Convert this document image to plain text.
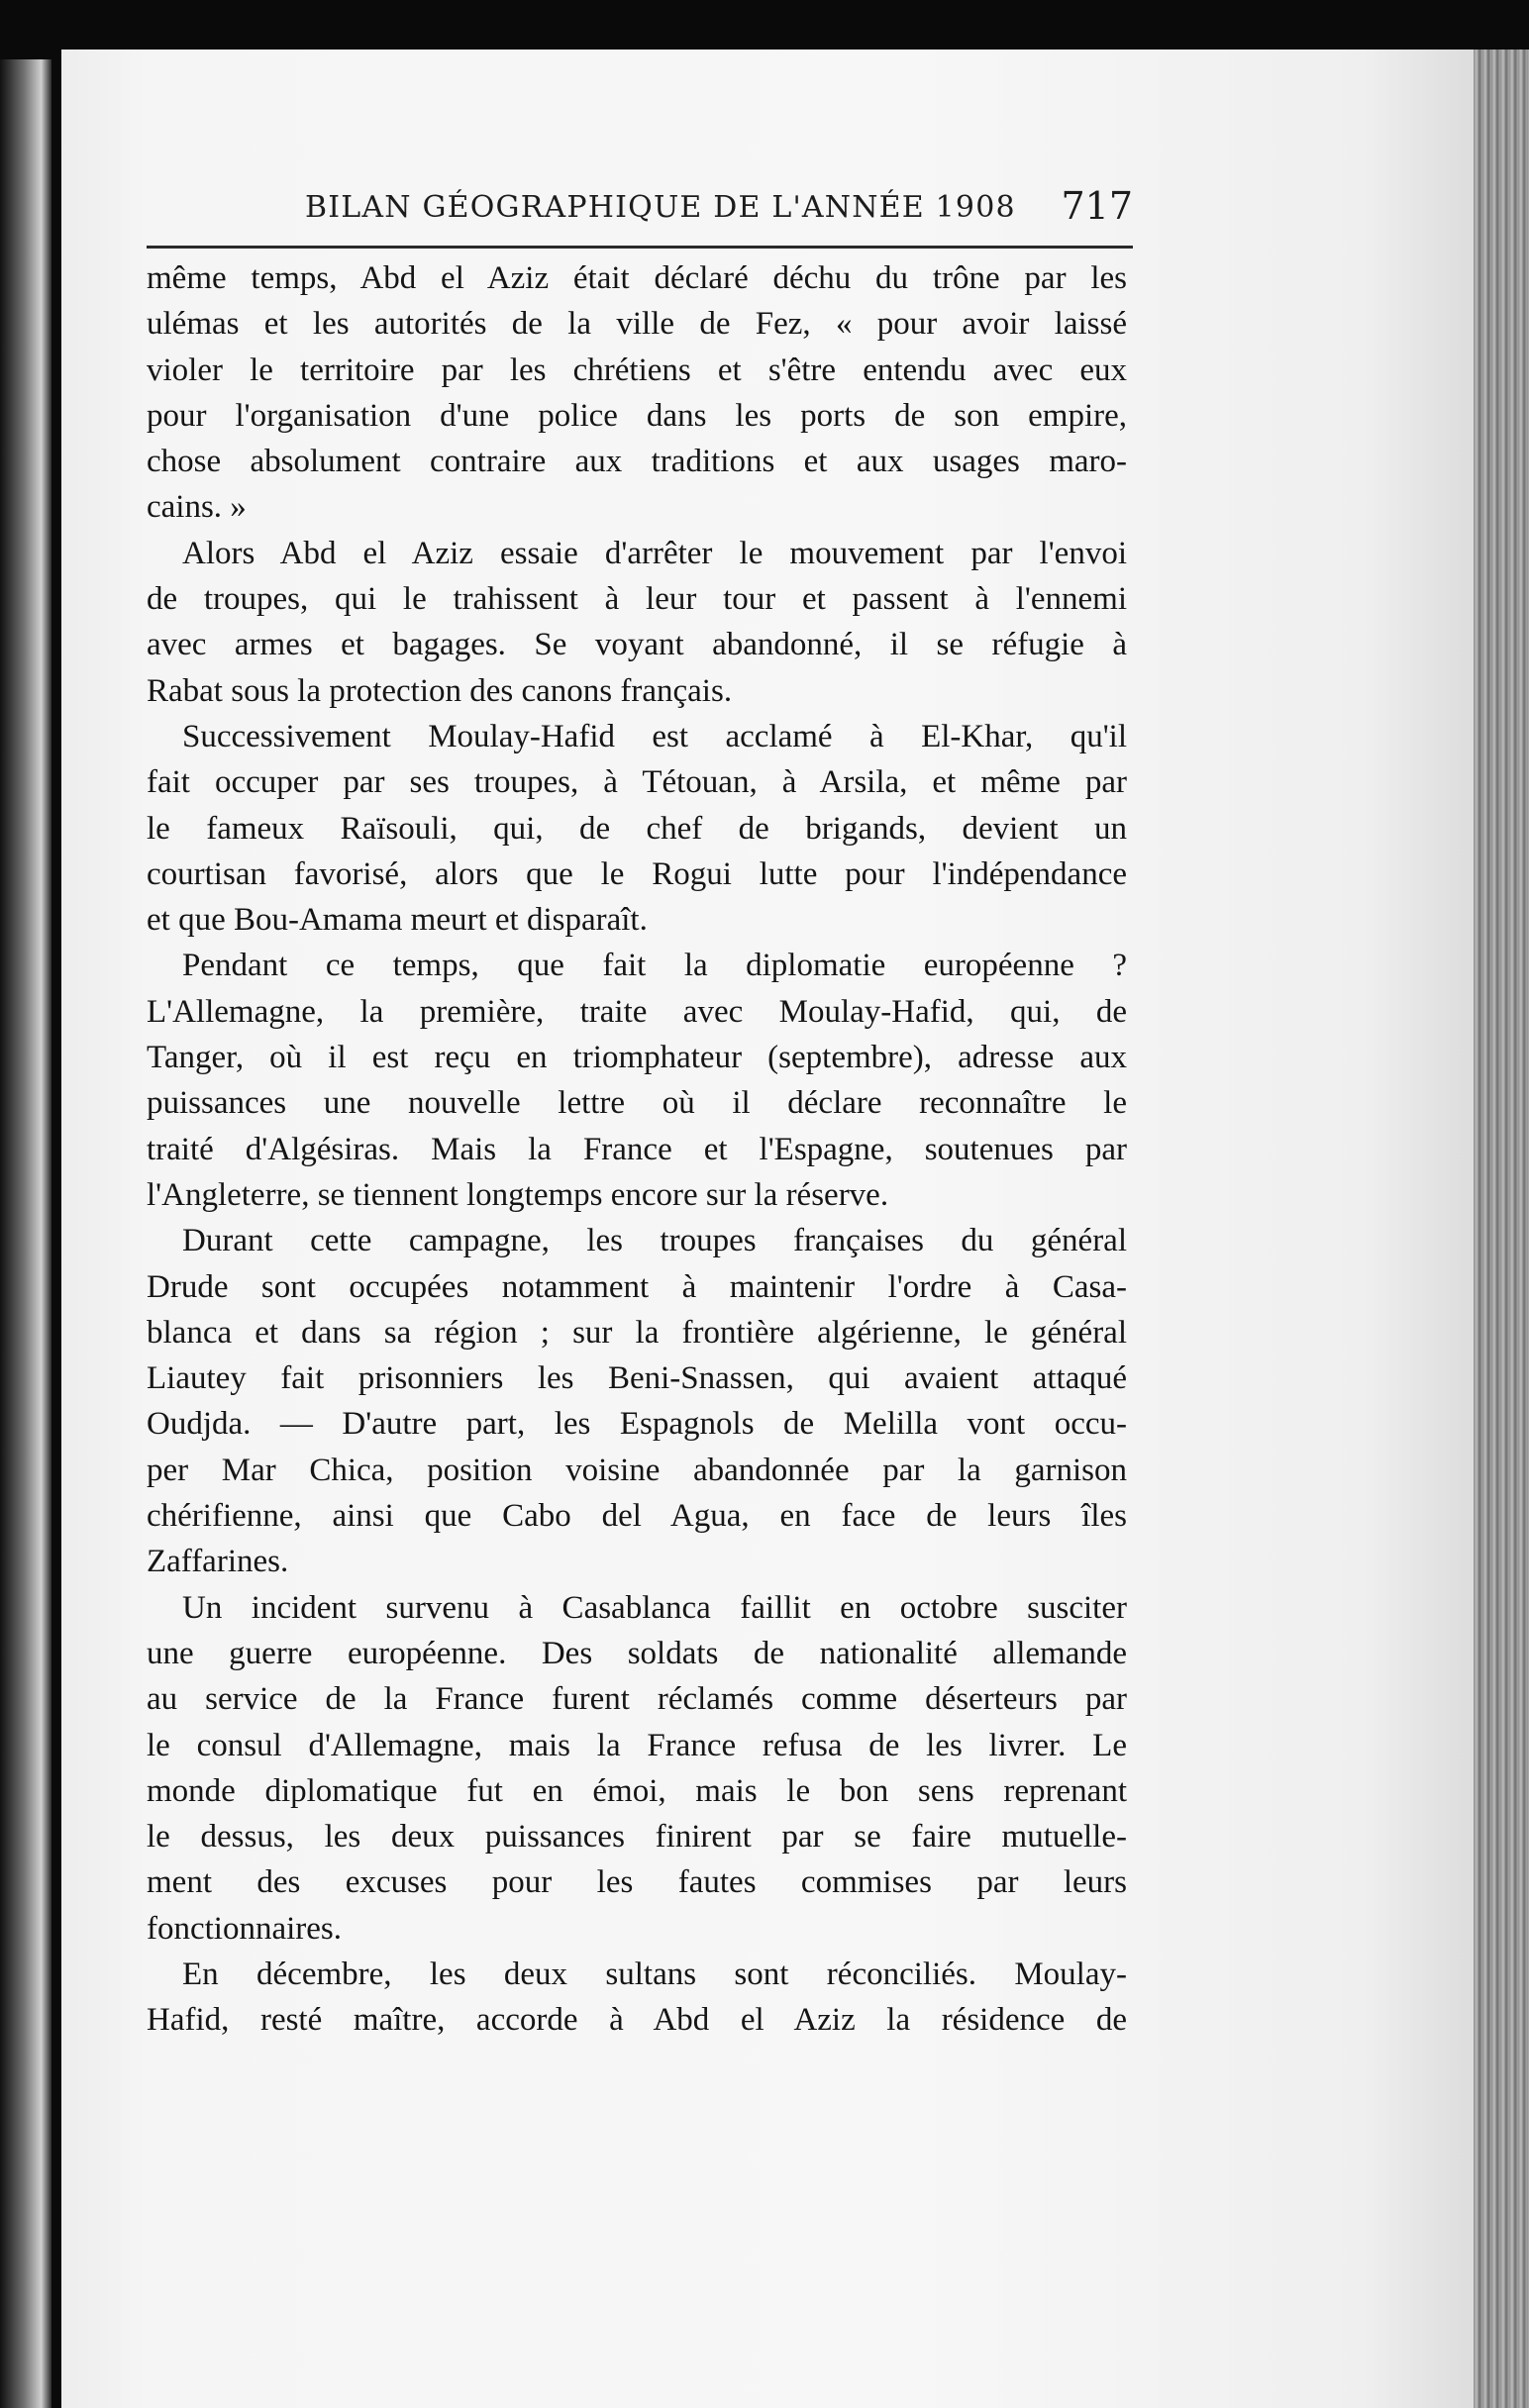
BILAN GÉOGRAPHIQUE DE L'ANNÉE 1908 717
même temps, Abd el Aziz était déclaré déchu du trône par les
ulémas et les autorités de la ville de Fez, « pour avoir laissé
violer le territoire par les chrétiens et s'être entendu avec eux
pour l'organisation d'une police dans les ports de son empire,
chose absolument contraire aux traditions et aux usages maro-
cains. »
Alors Abd el Aziz essaie d'arrêter le mouvement par l'envoi
de troupes, qui le trahissent à leur tour et passent à l'ennemi
avec armes et bagages. Se voyant abandonné, il se réfugie à
Rabat sous la protection des canons français.
Successivement Moulay-Hafid est acclamé à El-Khar, qu'il
fait occuper par ses troupes, à Tétouan, à Arsila, et même par
le fameux Raïsouli, qui, de chef de brigands, devient un
courtisan favorisé, alors que le Rogui lutte pour l'indépendance
et que Bou-Amama meurt et disparaît.
Pendant ce temps, que fait la diplomatie européenne ?
L'Allemagne, la première, traite avec Moulay-Hafid, qui, de
Tanger, où il est reçu en triomphateur (septembre), adresse aux
puissances une nouvelle lettre où il déclare reconnaître le
traité d'Algésiras. Mais la France et l'Espagne, soutenues par
l'Angleterre, se tiennent longtemps encore sur la réserve.
Durant cette campagne, les troupes françaises du général
Drude sont occupées notamment à maintenir l'ordre à Casa-
blanca et dans sa région ; sur la frontière algérienne, le général
Liautey fait prisonniers les Beni-Snassen, qui avaient attaqué
Oudjda. — D'autre part, les Espagnols de Melilla vont occu-
per Mar Chica, position voisine abandonnée par la garnison
chérifienne, ainsi que Cabo del Agua, en face de leurs îles
Zaffarines.
Un incident survenu à Casablanca faillit en octobre susciter
une guerre européenne. Des soldats de nationalité allemande
au service de la France furent réclamés comme déserteurs par
le consul d'Allemagne, mais la France refusa de les livrer. Le
monde diplomatique fut en émoi, mais le bon sens reprenant
le dessus, les deux puissances finirent par se faire mutuelle-
ment des excuses pour les fautes commises par leurs
fonctionnaires.
En décembre, les deux sultans sont réconciliés. Moulay-
Hafid, resté maître, accorde à Abd el Aziz la résidence de
